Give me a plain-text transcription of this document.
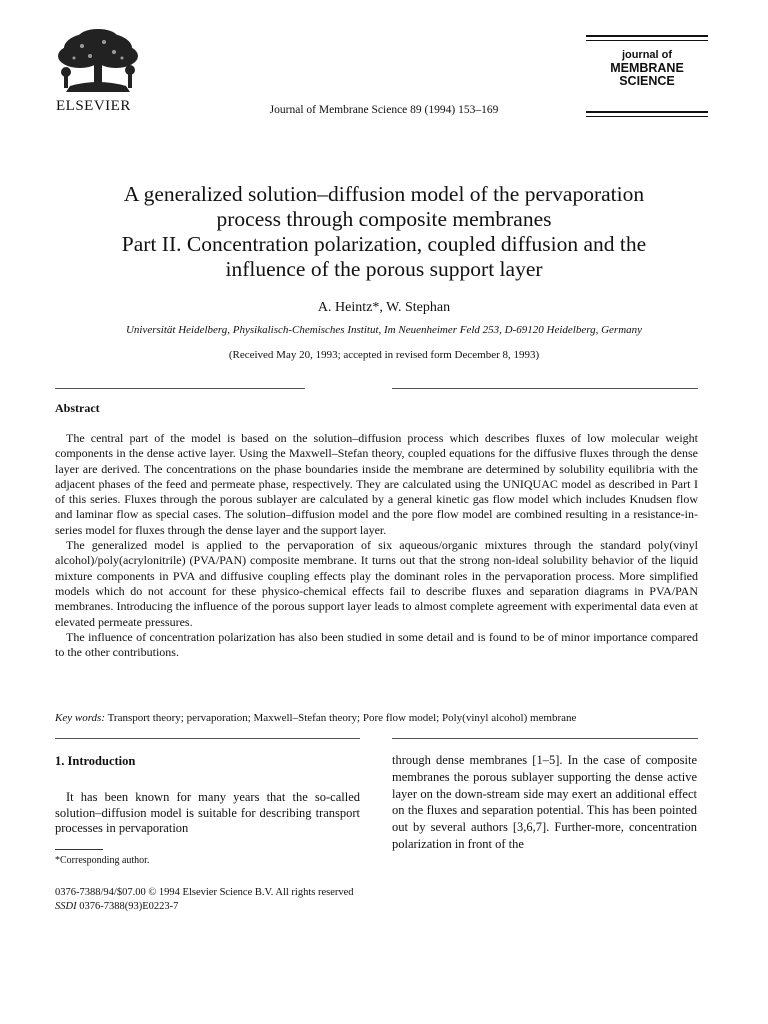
ELSEVIER	Journal of Membrane Science 89 (1994) 153–169
journal of
MEMBRANE
SCIENCE
A generalized solution–diffusion model of the pervaporation
process through composite membranes
Part II. Concentration polarization, coupled diffusion and the
influence of the porous support layer
A. Heintz*, W. Stephan
Universität Heidelberg, Physikalisch-Chemisches Institut, Im Neuenheimer Feld 253, D-69120 Heidelberg, Germany
(Received May 20, 1993; accepted in revised form December 8, 1993)
Abstract

The central part of the model is based on the solution–diffusion process which describes fluxes of low molecular weight components in the dense active layer. Using the Maxwell–Stefan theory, coupled equations for the diffusive fluxes through the dense layer are derived. The concentrations on the phase boundaries inside the membrane are determined by solubility equilibria with the adjacent phases of the feed and permeate phase, respectively. They are calculated using the UNIQUAC model as described in Part I of this series. Fluxes through the porous sublayer are calculated by a general kinetic gas flow model which includes Knudsen flow and laminar flow as special cases. The solution–diffusion model and the pore flow model are combined resulting in a resistance-in-series model for fluxes through the dense layer and the support layer.

The generalized model is applied to the pervaporation of six aqueous/organic mixtures through the standard poly(vinyl alcohol)/poly(acrylonitrile) (PVA/PAN) composite membrane. It turns out that the strong non-ideal solubility behavior of the liquid mixture components in PVA and diffusive coupling effects play the dominant roles in the pervaporation process. More simplified models which do not account for these physico-chemical effects fail to describe fluxes and separation diagrams in PVA/PAN membranes. Introducing the influence of the porous support layer leads to almost complete agreement with experimental data even at elevated permeate pressures.

The influence of concentration polarization has also been studied in some detail and is found to be of minor importance compared to the other contributions.

Key words: Transport theory; pervaporation; Maxwell–Stefan theory; Pore flow model; Poly(vinyl alcohol) membrane
1. Introduction

It has been known for many years that the so-called solution–diffusion model is suitable for describing transport processes in pervaporation

through dense membranes [1–5]. In the case of composite membranes the porous sublayer supporting the dense active layer on the down-stream side may exert an additional effect on the fluxes and separation potential. This has been pointed out by several authors [3,6,7]. Further-more, concentration polarization in front of the

*Corresponding author.
0376-7388/94/$07.00 © 1994 Elsevier Science B.V. All rights reserved
SSDI 0376-7388(93)E0223-7
